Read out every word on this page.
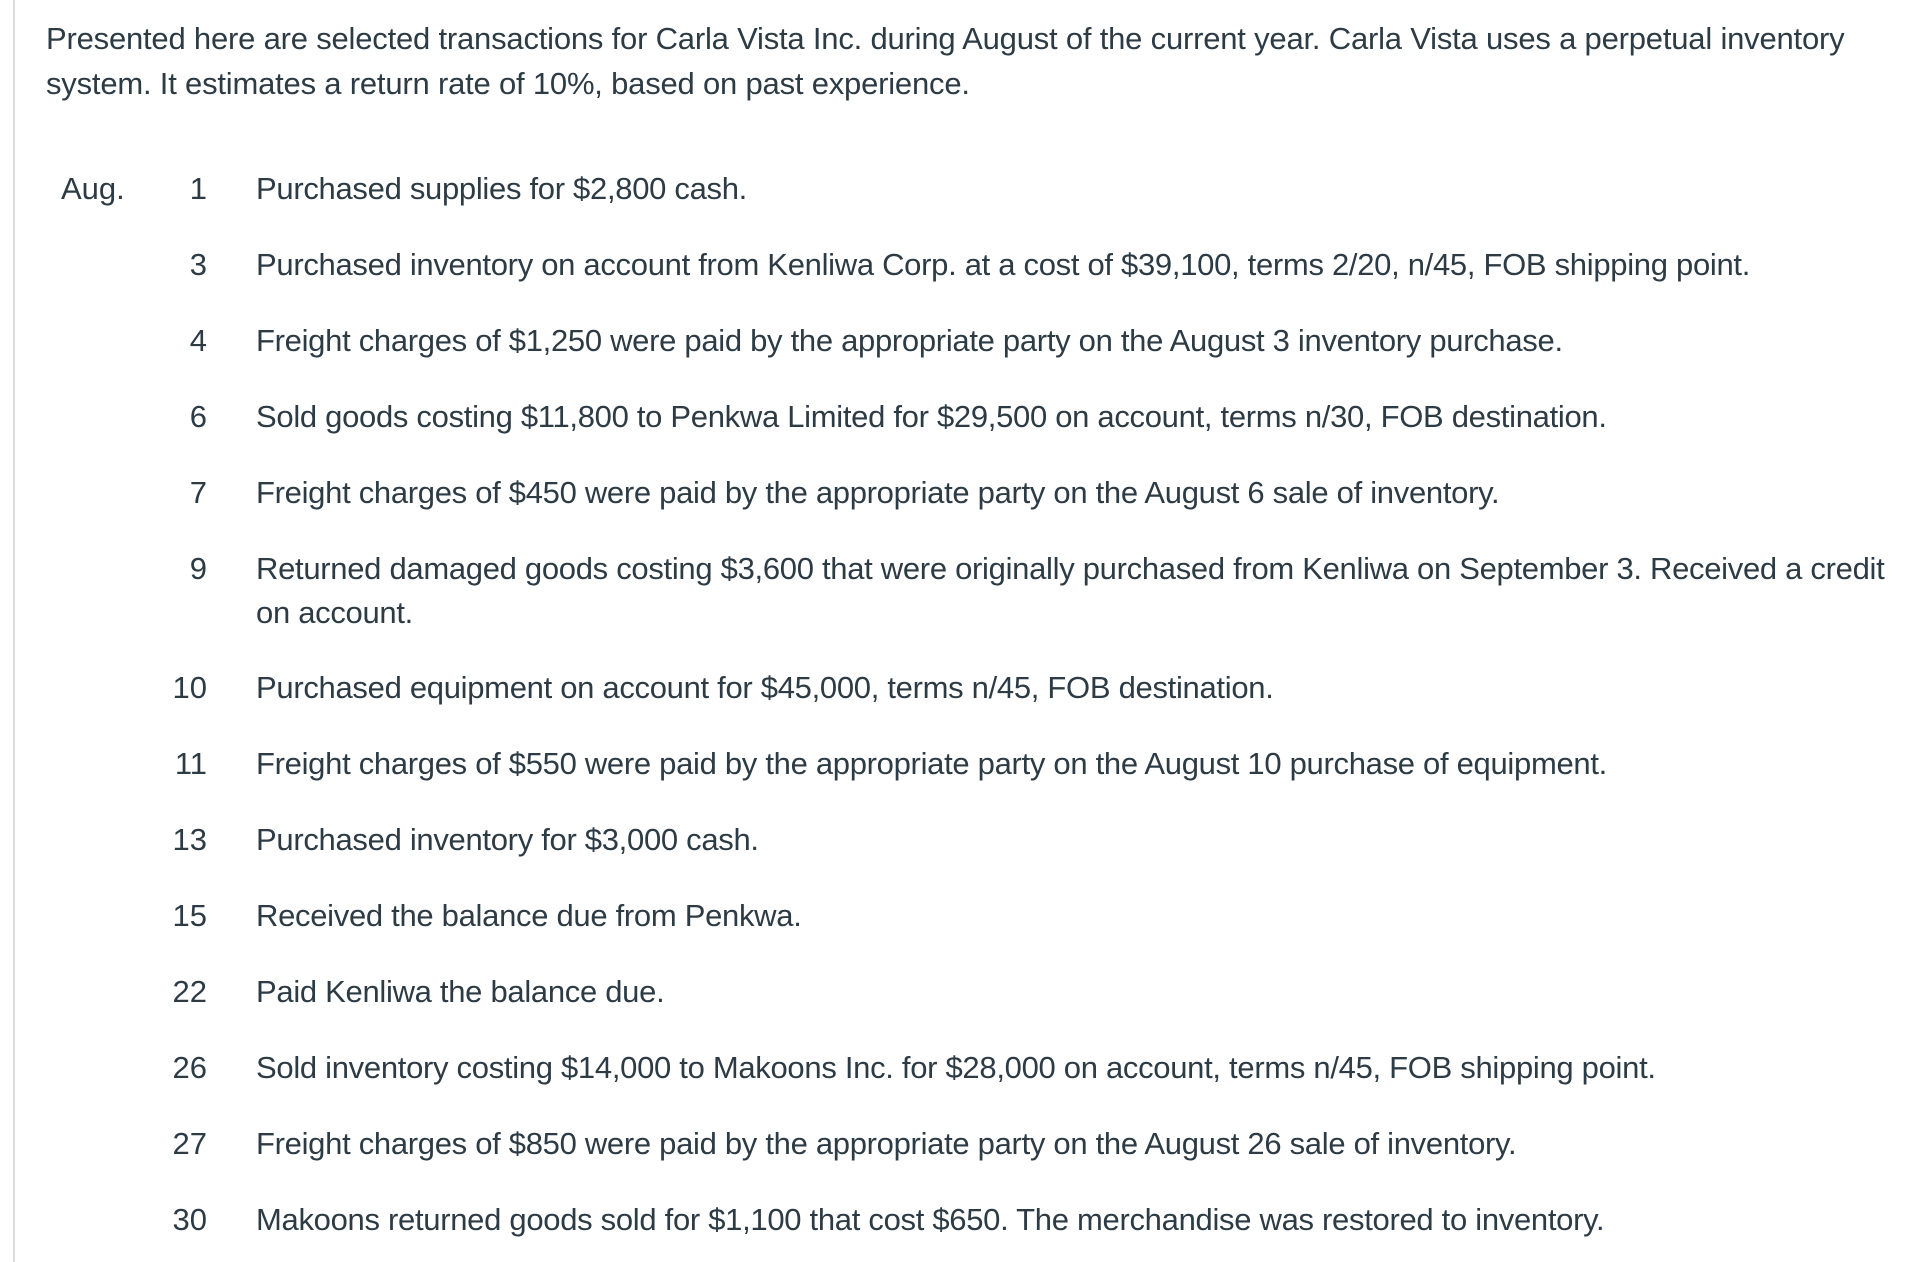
Presented here are selected transactions for Carla Vista Inc. during August of the current year. Carla Vista uses a perpetual inventory system. It estimates a return rate of 10%, based on past experience.

Aug.	1 Purchased supplies for $2,800 cash.
3 Purchased inventory on account from Kenliwa Corp. at a cost of $39,100, terms 2/20, n/45, FOB shipping point.
4 Freight charges of $1,250 were paid by the appropriate party on the August 3 inventory purchase.
6 Sold goods costing $11,800 to Penkwa Limited for $29,500 on account, terms n/30, FOB destination.
7 Freight charges of $450 were paid by the appropriate party on the August 6 sale of inventory.
9 Returned damaged goods costing $3,600 that were originally purchased from Kenliwa on September 3. Received a credit on account.
10 Purchased equipment on account for $45,000, terms n/45, FOB destination.
11 Freight charges of $550 were paid by the appropriate party on the August 10 purchase of equipment.
13 Purchased inventory for $3,000 cash.
15 Received the balance due from Penkwa.
22 Paid Kenliwa the balance due.
26 Sold inventory costing $14,000 to Makoons Inc. for $28,000 on account, terms n/45, FOB shipping point.
27 Freight charges of $850 were paid by the appropriate party on the August 26 sale of inventory.
30 Makoons returned goods sold for $1,100 that cost $650. The merchandise was restored to inventory.
